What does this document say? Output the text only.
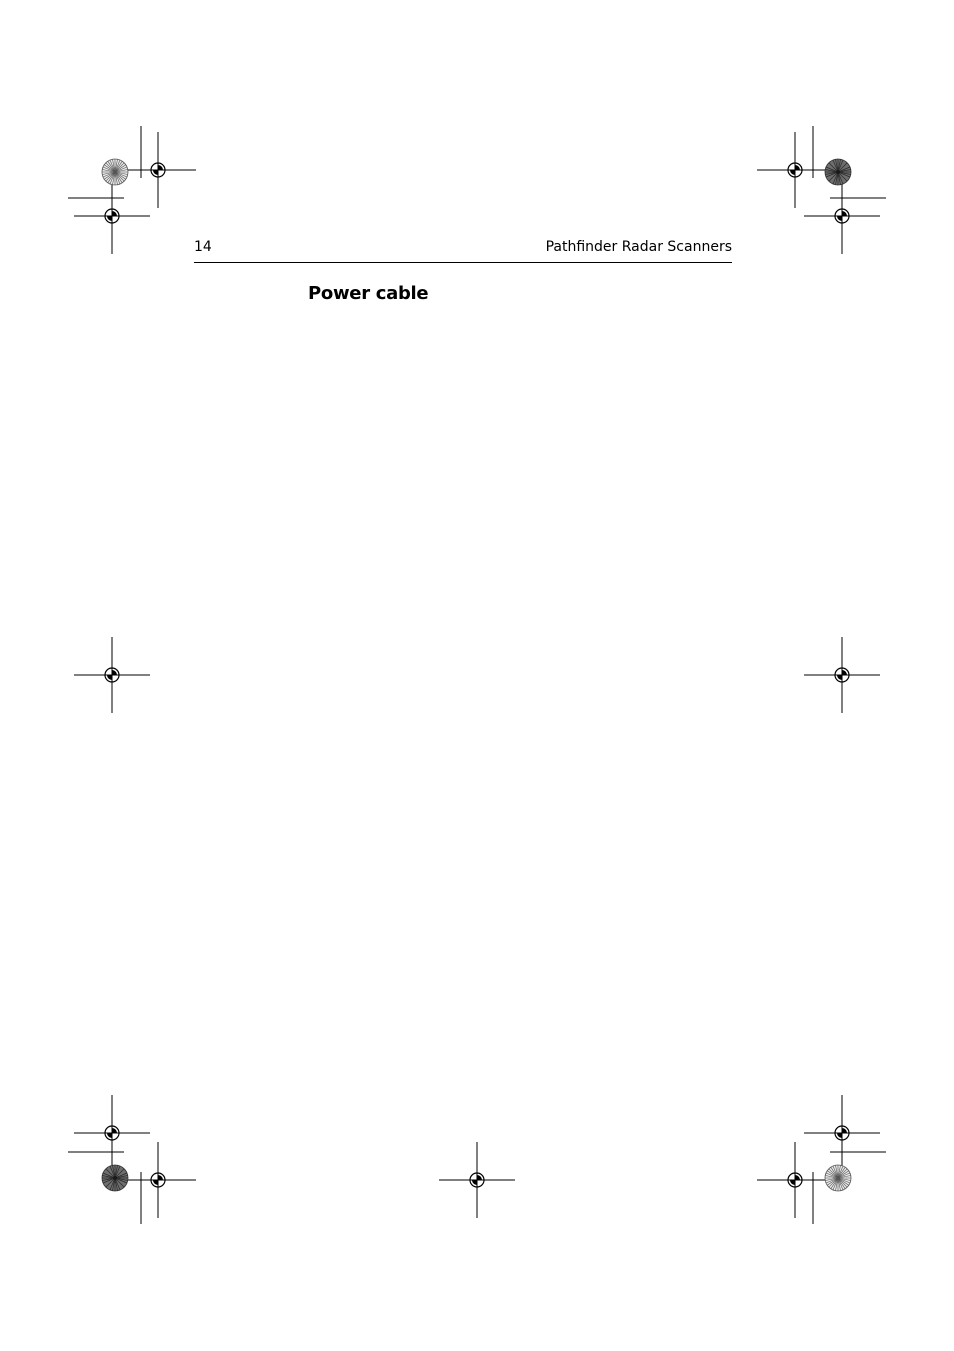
14	Pathfinder Radar Scanners
Power cable
